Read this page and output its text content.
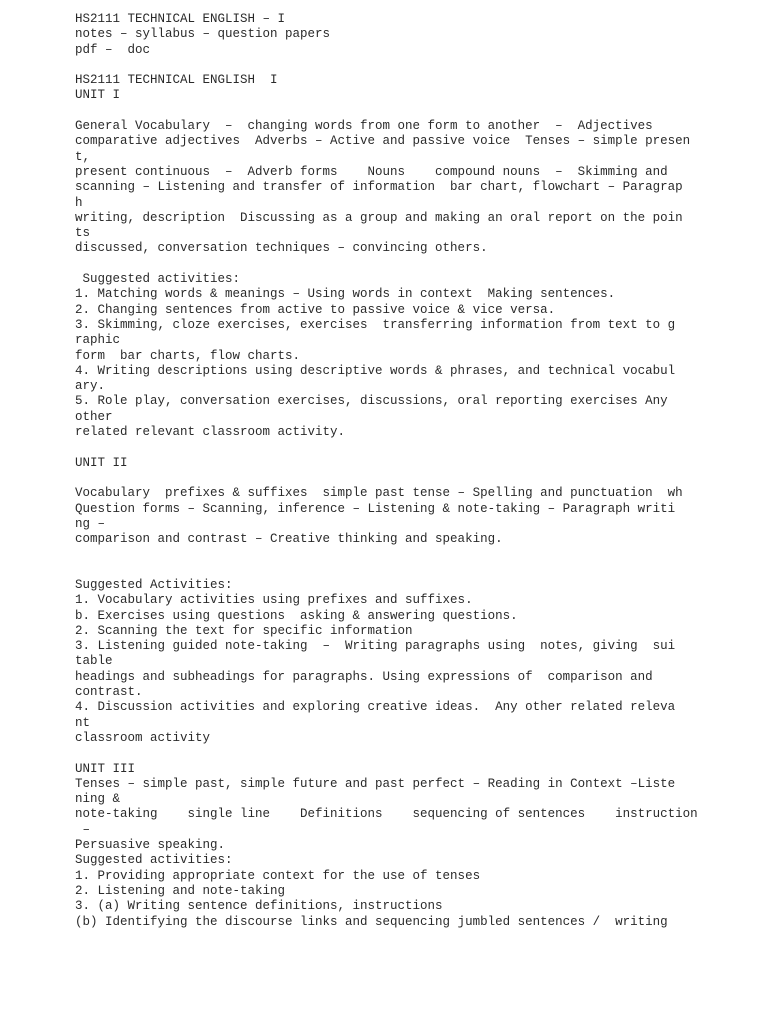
HS2111 TECHNICAL ENGLISH – I
notes – syllabus – question papers
pdf –  doc
HS2111 TECHNICAL ENGLISH  I
UNIT I
General Vocabulary  –  changing words from one form to another  –  Adjectives
comparative adjectives  Adverbs – Active and passive voice  Tenses – simple presen
t,
present continuous  –  Adverb forms    Nouns    compound nouns  –  Skimming and
scanning – Listening and transfer of information  bar chart, flowchart – Paragrap
h
writing, description  Discussing as a group and making an oral report on the poin
ts
discussed, conversation techniques – convincing others.
Suggested activities:
1. Matching words & meanings – Using words in context  Making sentences.
2. Changing sentences from active to passive voice & vice versa.
3. Skimming, cloze exercises, exercises  transferring information from text to g
raphic
form  bar charts, flow charts.
4. Writing descriptions using descriptive words & phrases, and technical vocabul
ary.
5. Role play, conversation exercises, discussions, oral reporting exercises Any
other
related relevant classroom activity.
UNIT II
Vocabulary  prefixes & suffixes  simple past tense – Spelling and punctuation  wh
Question forms – Scanning, inference – Listening & note-taking – Paragraph writi
ng –
comparison and contrast – Creative thinking and speaking.
Suggested Activities:
1. Vocabulary activities using prefixes and suffixes.
b. Exercises using questions  asking & answering questions.
2. Scanning the text for specific information
3. Listening guided note-taking  –  Writing paragraphs using  notes, giving  sui
table
headings and subheadings for paragraphs. Using expressions of  comparison and
contrast.
4. Discussion activities and exploring creative ideas.  Any other related releva
nt
classroom activity
UNIT III
Tenses – simple past, simple future and past perfect – Reading in Context –Liste
ning &
note-taking    single line    Definitions    sequencing of sentences    instruction
–
Persuasive speaking.
Suggested activities:
1. Providing appropriate context for the use of tenses
2. Listening and note-taking
3. (a) Writing sentence definitions, instructions
(b) Identifying the discourse links and sequencing jumbled sentences /  writing
